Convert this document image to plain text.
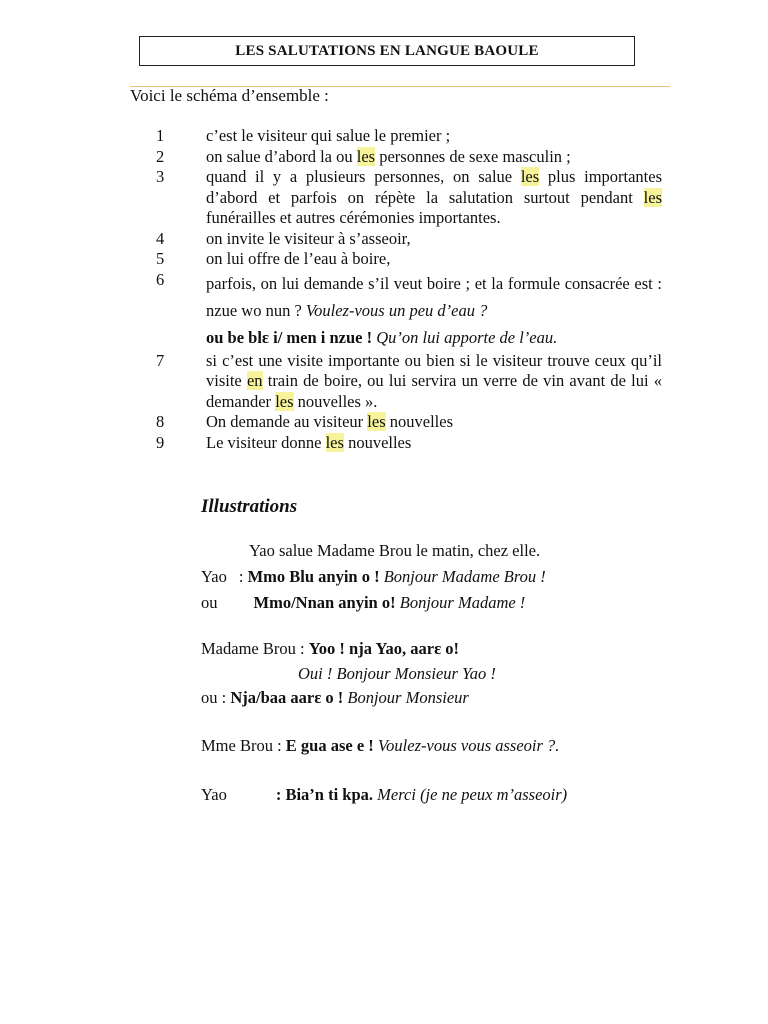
LES SALUTATIONS EN LANGUE BAOULE
Voici le schéma d’ensemble :
1	c’est le visiteur qui salue le premier ;
2	on salue d’abord la ou les personnes de sexe masculin ;
3	quand il y a plusieurs personnes, on salue les plus importantes d’abord et parfois on répète la salutation surtout pendant les funérailles et autres cérémonies importantes.
4	on invite le visiteur à s’asseoir,
5	on lui offre de l’eau à boire,
6	parfois, on lui demande s’il veut boire ; et la formule consacrée est : nzue wo nun ? Voulez-vous un peu d’eau ?
ou be blɛ i/ men i nzue ! Qu’on lui apporte de l’eau.
7	si c’est une visite importante ou bien si le visiteur trouve ceux qu’il visite en train de boire, ou lui servira un verre de vin avant de lui « demander les nouvelles ».
8	On demande au visiteur les nouvelles
9	Le visiteur donne les nouvelles
Illustrations
Yao salue Madame Brou le matin, chez elle.
Yao : Mmo Blu anyin o ! Bonjour Madame Brou !
ou Mmo/Nnan anyin o! Bonjour Madame !
Madame Brou : Yoo ! nja Yao, aarɛ o!
Oui ! Bonjour Monsieur Yao !
ou : Nja/baa aarɛ o ! Bonjour Monsieur
Mme Brou : E gua ase e ! Voulez-vous vous asseoir ?.
Yao	: Bia’n ti kpa. Merci (je ne peux m’asseoir)
